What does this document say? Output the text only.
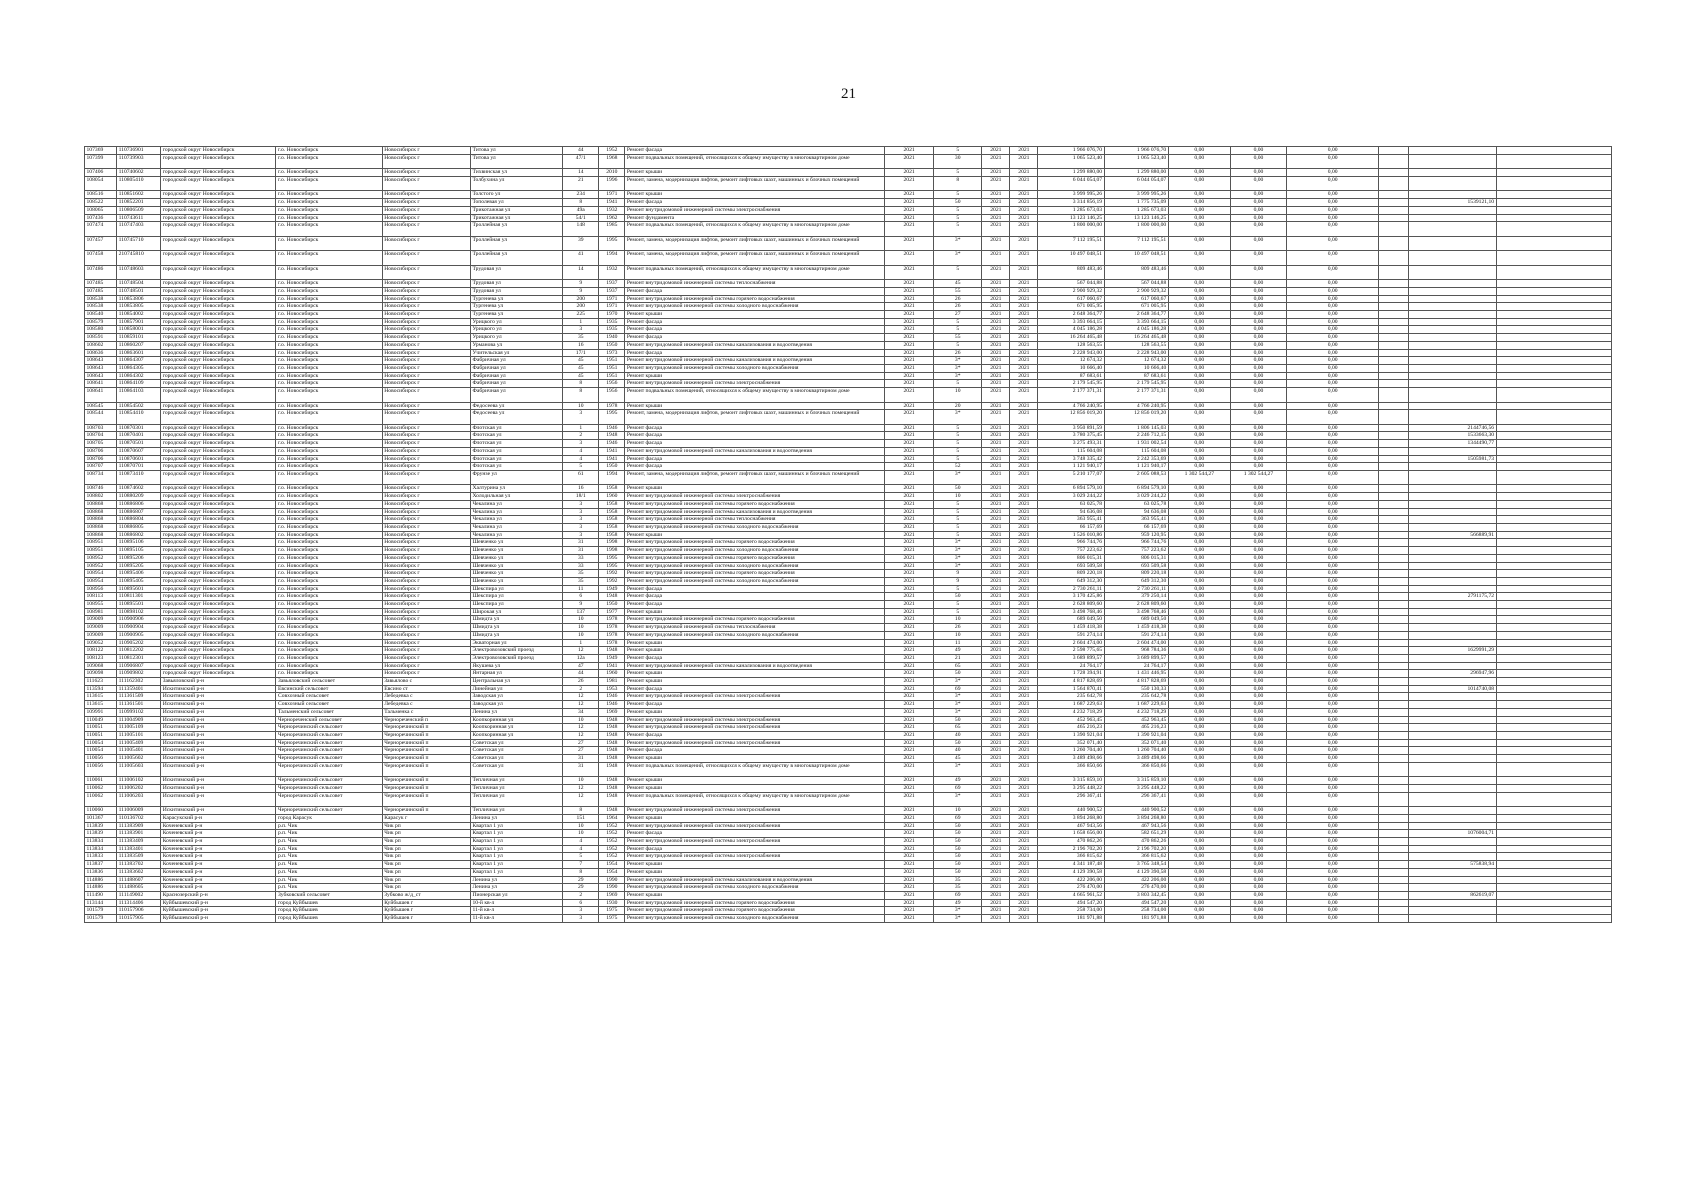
21
107369	110736901	городской округ Новосибирск	г.о. Новосибирск	Новосибирск г	Титова ул	44	1952	Ремонт фасада	2021	5	2021	2021	1 966 076,70	1 966 076,70	0,00	0,00	0,00			
107399	110739903	городской округ Новосибирск	г.о. Новосибирск	Новосибирск г	Титова ул	47/1	1968	Ремонт подвальных помещений, относящихся к общему имуществу в многоквартирном доме	2021	30	2021	2021	1 065 523,40	1 065 523,40	0,00	0,00	0,00			
107406	110740602	городской округ Новосибирск	г.о. Новосибирск	Новосибирск г	Тихвинская ул	14	2010	Ремонт крыши	2021	5	2021	2021	1 299 880,00	1 299 880,00	0,00	0,00	0,00			
108054	110805410	городской округ Новосибирск	г.о. Новосибирск	Новосибирск г	Толбухина ул	21	1996	Ремонт, замена, модернизация лифтов, ремонт лифтовых шахт, машинных и блочных помещений	2021	8	2021	2021	6 044 054,07	6 044 054,07	0,00	0,00	0,00			
108516	110851602	городской округ Новосибирск	г.о. Новосибирск	Новосибирск г	Толстого ул	234	1971	Ремонт крыши	2021	5	2021	2021	3 999 995,26	3 999 995,26	0,00	0,00	0,00			
108522	110852201	городской округ Новосибирск	г.о. Новосибирск	Новосибирск г	Тополевая ул	8	1941	Ремонт фасада	2021	50	2021	2021	3 314 856,19	1 775 735,09	0,00	0,00	0,00		1539121,10	
108065	110806509	городской округ Новосибирск	г.о. Новосибирск	Новосибирск г	Трикотажная ул	49а	1932	Ремонт внутридомовой инженерной системы электроснабжения	2021	5	2021	2021	1 285 673,03	1 285 673,03	0,00	0,00	0,00			
107436	110743611	городской округ Новосибирск	г.о. Новосибирск	Новосибирск г	Трикотажная ул	54/1	1962	Ремонт фундамента	2021	5	2021	2021	13 123 146,25	13 123 146,25	0,00	0,00	0,00			
107474	110747403	городской округ Новосибирск	г.о. Новосибирск	Новосибирск г	Троллейная ул	148	1985	Ремонт подвальных помещений, относящихся к общему имуществу в многоквартирном доме	2021	5	2021	2021	1 800 000,00	1 800 000,00	0,00	0,00	0,00			
107457	110745710	городской округ Новосибирск	г.о. Новосибирск	Новосибирск г	Троллейная ул	39	1995	Ремонт, замена, модернизация лифтов, ремонт лифтовых шахт, машинных и блочных помещений	2021	3*	2021	2021	7 112 195,51	7 112 195,51	0,00	0,00	0,00			
107458	210745810	городской округ Новосибирск	г.о. Новосибирск	Новосибирск г	Троллейная ул	41	1994	Ремонт, замена, модернизация лифтов, ремонт лифтовых шахт, машинных и блочных помещений	2021	3*	2021	2021	10 497 048,51	10 497 048,51	0,00	0,00	0,00			
107486	110748603	городской округ Новосибирск	г.о. Новосибирск	Новосибирск г	Трудовая ул	14	1932	Ремонт подвальных помещений, относящихся к общему имуществу в многоквартирном доме	2021	5	2021	2021	809 483,46	809 483,46	0,00	0,00	0,00			
107485	110748504	городской округ Новосибирск	г.о. Новосибирск	Новосибирск г	Трудовая ул	9	1937	Ремонт внутридомовой инженерной системы теплоснабжения	2021	45	2021	2021	567 044,88	567 044,88	0,00	0,00	0,00			
107485	110748501	городской округ Новосибирск	г.о. Новосибирск	Новосибирск г	Трудовая ул	9	1937	Ремонт фасада	2021	55	2021	2021	2 900 929,32	2 900 929,32	0,00	0,00	0,00			
108538	110853806	городской округ Новосибирск	г.о. Новосибирск	Новосибирск г	Тургенева ул	200	1971	Ремонт внутридомовой инженерной системы горячего водоснабжения	2021	26	2021	2021	617 060,67	617 060,67	0,00	0,00	0,00			
108538	110853805	городской округ Новосибирск	г.о. Новосибирск	Новосибирск г	Тургенева ул	200	1971	Ремонт внутридомовой инженерной системы холодного водоснабжения	2021	26	2021	2021	671 005,95	671 005,95	0,00	0,00	0,00			
108540	110854002	городской округ Новосибирск	г.о. Новосибирск	Новосибирск г	Тургенева ул	225	1970	Ремонт крыши	2021	27	2021	2021	2 648 364,77	2 648 364,77	0,00	0,00	0,00			
108579	110857901	городской округ Новосибирск	г.о. Новосибирск	Новосибирск г	Урицкого ул	1	1935	Ремонт фасада	2021	5	2021	2021	3 393 664,15	3 393 664,15	0,00	0,00	0,00			
108580	110858001	городской округ Новосибирск	г.о. Новосибирск	Новосибирск г	Урицкого ул	3	1935	Ремонт фасада	2021	5	2021	2021	4 045 186,28	4 045 186,28	0,00	0,00	0,00			
108591	110859101	городской округ Новосибирск	г.о. Новосибирск	Новосибирск г	Урицкого ул	35	1940	Ремонт фасада	2021	55	2021	2021	16 264 465,48	16 264 465,48	0,00	0,00	0,00			
108602	110860207	городской округ Новосибирск	г.о. Новосибирск	Новосибирск г	Урманова ул	16	1950	Ремонт внутридомовой инженерной системы канализования и водоотведения	2021	5	2021	2021	128 563,55	128 563,55	0,00	0,00	0,00			
108636	110863601	городской округ Новосибирск	г.о. Новосибирск	Новосибирск г	Учительская ул	17/1	1973	Ремонт фасада	2021	26	2021	2021	2 228 943,00	2 228 943,00	0,00	0,00	0,00			
108643	110864307	городской округ Новосибирск	г.о. Новосибирск	Новосибирск г	Фабричная ул	45	1951	Ремонт внутридомовой инженерной системы канализования и водоотведения	2021	3*	2021	2021	12 674,32	12 674,32	0,00	0,00	0,00			
108643	110864305	городской округ Новосибирск	г.о. Новосибирск	Новосибирск г	Фабричная ул	45	1951	Ремонт внутридомовой инженерной системы холодного водоснабжения	2021	3*	2021	2021	10 666,40	10 666,40	0,00	0,00	0,00			
108643	110864302	городской округ Новосибирск	г.о. Новосибирск	Новосибирск г	Фабричная ул	45	1951	Ремонт крыши	2021	3*	2021	2021	87 683,61	87 683,61	0,00	0,00	0,00			
108641	110864109	городской округ Новосибирск	г.о. Новосибирск	Новосибирск г	Фабричная ул	8	1956	Ремонт внутридомовой инженерной системы электроснабжения	2021	5	2021	2021	2 179 545,95	2 179 545,95	0,00	0,00	0,00			
108641	110864103	городской округ Новосибирск	г.о. Новосибирск	Новосибирск г	Фабричная ул	8	1956	Ремонт подвальных помещений, относящихся к общему имуществу в многоквартирном доме	2021	10	2021	2021	2 177 371,31	2 177 371,31	0,00	0,00	0,00			
108545	110854502	городской округ Новосибирск	г.о. Новосибирск	Новосибирск г	Федосеева ул	10	1978	Ремонт крыши	2021	20	2021	2021	4 766 240,95	4 766 240,95	0,00	0,00	0,00			
108544	110854410	городской округ Новосибирск	г.о. Новосибирск	Новосибирск г	Федосеева ул	3	1995	Ремонт, замена, модернизация лифтов, ремонт лифтовых шахт, машинных и блочных помещений	2021	3*	2021	2021	12 856 019,20	12 856 019,20	0,00	0,00	0,00			
108703	110870301	городской округ Новосибирск	г.о. Новосибирск	Новосибирск г	Флотская ул	1	1946	Ремонт фасада	2021	5	2021	2021	3 950 891,59	1 806 145,03	0,00	0,00	0,00		2144746,56	
108704	110870401	городской округ Новосибирск	г.о. Новосибирск	Новосибирск г	Флотская ул	2	1948	Ремонт фасада	2021	5	2021	2021	3 780 375,45	2 246 712,15	0,00	0,00	0,00		1533663,30	
108705	110870501	городской округ Новосибирск	г.о. Новосибирск	Новосибирск г	Флотская ул	3	1946	Ремонт фасада	2021	5	2021	2021	3 275 493,31	1 931 002,54	0,00	0,00	0,00		1344490,77	
108706	110870607	городской округ Новосибирск	г.о. Новосибирск	Новосибирск г	Флотская ул	4	1941	Ремонт внутридомовой инженерной системы канализования и водоотведения	2021	5	2021	2021	115 604,08	115 604,08	0,00	0,00	0,00			
108706	110870601	городской округ Новосибирск	г.о. Новосибирск	Новосибирск г	Флотская ул	4	1941	Ремонт фасада	2021	5	2021	2021	3 748 335,42	2 242 353,69	0,00	0,00	0,00		1505981,73	
108707	110870701	городской округ Новосибирск	г.о. Новосибирск	Новосибирск г	Флотская ул	5	1950	Ремонт фасада	2021	52	2021	2021	1 121 940,17	1 121 940,17	0,00	0,00	0,00			
108734	110873410	городской округ Новосибирск	г.о. Новосибирск	Новосибирск г	Фрунзе ул	61	1994	Ремонт, замена, модернизация лифтов, ремонт лифтовых шахт, машинных и блочных помещений	2021	3*	2021	2021	5 210 177,07	2 605 088,53	1 302 544,27	1 302 544,27	0,00			
108746	110874602	городской округ Новосибирск	г.о. Новосибирск	Новосибирск г	Халтурина ул	16	1958	Ремонт крыши	2021	50	2021	2021	6 894 579,10	6 894 579,10	0,00	0,00	0,00			
108802	110880209	городской округ Новосибирск	г.о. Новосибирск	Новосибирск г	Холодильная ул	18/1	1960	Ремонт внутридомовой инженерной системы электроснабжения	2021	10	2021	2021	3 029 244,22	3 029 244,22	0,00	0,00	0,00			
108868	110886806	городской округ Новосибирск	г.о. Новосибирск	Новосибирск г	Чекалина ул	3	1958	Ремонт внутридомовой инженерной системы горячего водоснабжения	2021	5	2021	2021	63 025,78	63 025,78	0,00	0,00	0,00			
108868	110886807	городской округ Новосибирск	г.о. Новосибирск	Новосибирск г	Чекалина ул	3	1958	Ремонт внутридомовой инженерной системы канализования и водоотведения	2021	5	2021	2021	94 636,08	94 636,08	0,00	0,00	0,00			
108868	110886804	городской округ Новосибирск	г.о. Новосибирск	Новосибирск г	Чекалина ул	3	1958	Ремонт внутридомовой инженерной системы теплоснабжения	2021	5	2021	2021	363 955,41	363 955,41	0,00	0,00	0,00			
108868	110886805	городской округ Новосибирск	г.о. Новосибирск	Новосибирск г	Чекалина ул	3	1958	Ремонт внутридомовой инженерной системы холодного водоснабжения	2021	5	2021	2021	66 157,69	66 157,69	0,00	0,00	0,00			
108868	110886802	городской округ Новосибирск	г.о. Новосибирск	Новосибирск г	Чекалина ул	3	1958	Ремонт крыши	2021	5	2021	2021	1 526 010,86	959 120,95	0,00	0,00	0,00		566889,91	
108951	110895106	городской округ Новосибирск	г.о. Новосибирск	Новосибирск г	Шевченко ул	31	1998	Ремонт внутридомовой инженерной системы горячего водоснабжения	2021	3*	2021	2021	966 744,76	966 744,76	0,00	0,00	0,00			
108951	110895105	городской округ Новосибирск	г.о. Новосибирск	Новосибирск г	Шевченко ул	31	1998	Ремонт внутридомовой инженерной системы холодного водоснабжения	2021	3*	2021	2021	757 223,62	757 223,62	0,00	0,00	0,00			
108952	110895206	городской округ Новосибирск	г.о. Новосибирск	Новосибирск г	Шевченко ул	33	1995	Ремонт внутридомовой инженерной системы горячего водоснабжения	2021	3*	2021	2021	806 015,31	806 015,31	0,00	0,00	0,00			
108952	110895205	городской округ Новосибирск	г.о. Новосибирск	Новосибирск г	Шевченко ул	33	1995	Ремонт внутридомовой инженерной системы холодного водоснабжения	2021	3*	2021	2021	693 509,58	693 509,58	0,00	0,00	0,00			
108954	110895406	городской округ Новосибирск	г.о. Новосибирск	Новосибирск г	Шевченко ул	35	1992	Ремонт внутридомовой инженерной системы горячего водоснабжения	2021	9	2021	2021	809 220,18	809 220,18	0,00	0,00	0,00			
108954	110895405	городской округ Новосибирск	г.о. Новосибирск	Новосибирск г	Шевченко ул	35	1992	Ремонт внутридомовой инженерной системы холодного водоснабжения	2021	9	2021	2021	649 312,30	649 312,30	0,00	0,00	0,00			
108956	110895601	городской округ Новосибирск	г.о. Новосибирск	Новосибирск г	Шекспира ул	11	1949	Ремонт фасада	2021	5	2021	2021	2 730 261,11	2 730 261,11	0,00	0,00	0,00			
108113	110811301	городской округ Новосибирск	г.о. Новосибирск	Новосибирск г	Шекспира ул	6	1948	Ремонт фасада	2021	50	2021	2021	3 170 425,86	379 250,14	0,00	0,00	0,00		2791175,72	
108955	110895501	городской округ Новосибирск	г.о. Новосибирск	Новосибирск г	Шекспира ул	9	1950	Ремонт фасада	2021	5	2021	2021	2 628 809,60	2 628 809,60	0,00	0,00	0,00			
108981	110898102	городской округ Новосибирск	г.о. Новосибирск	Новосибирск г	Широкая ул	137	1977	Ремонт крыши	2021	5	2021	2021	3 498 768,46	3 498 768,46	0,00	0,00	0,00			
109009	110900906	городской округ Новосибирск	г.о. Новосибирск	Новосибирск г	Шмидта ул	10	1978	Ремонт внутридомовой инженерной системы горячего водоснабжения	2021	10	2021	2021	689 049,50	689 049,50	0,00	0,00	0,00			
109009	110900904	городской округ Новосибирск	г.о. Новосибирск	Новосибирск г	Шмидта ул	10	1978	Ремонт внутридомовой инженерной системы теплоснабжения	2021	26	2021	2021	1 459 418,38	1 459 418,38	0,00	0,00	0,00			
109009	110900905	городской округ Новосибирск	г.о. Новосибирск	Новосибирск г	Шмидта ул	10	1978	Ремонт внутридомовой инженерной системы холодного водоснабжения	2021	10	2021	2021	591 274,14	591 274,14	0,00	0,00	0,00			
109052	110905202	городской округ Новосибирск	г.о. Новосибирск	Новосибирск г	Экваторная ул	1	1978	Ремонт крыши	2021	11	2021	2021	2 604 474,00	2 604 474,00	0,00	0,00	0,00			
108122	110812202	городской округ Новосибирск	г.о. Новосибирск	Новосибирск г	Электровозовский проезд	12	1948	Ремонт крыши	2021	49	2021	2021	2 598 775,65	968 784,36	0,00	0,00	0,00		1629991,29	
108123	110812301	городской округ Новосибирск	г.о. Новосибирск	Новосибирск г	Электровозовский проезд	12а	1949	Ремонт фасада	2021	21	2021	2021	3 689 899,57	3 689 899,57	0,00	0,00	0,00			
109068	110906807	городской округ Новосибирск	г.о. Новосибирск	Новосибирск г	Якушева ул	47	1941	Ремонт внутридомовой инженерной системы канализования и водоотведения	2021	65	2021	2021	24 764,17	24 764,17	0,00	0,00	0,00			
109098	110909802	городской округ Новосибирск	г.о. Новосибирск	Новосибирск г	Янтарная ул	44	1960	Ремонт крыши	2021	50	2021	2021	1 728 394,91	1 431 446,95	0,00	0,00	0,00		296947,96	
111623	111162302	Завьяловский р-н	Завьяловский сельсовет	Завьялово с	Центральная ул	26	1981	Ремонт крыши	2021	3*	2021	2021	4 817 828,69	4 817 828,69	0,00	0,00	0,00			
113594	111359401	Искитимский р-н	Евсинский сельсовет	Евсино ст	Линейная ул	2	1953	Ремонт фасада	2021	69	2021	2021	1 564 870,41	550 130,33	0,00	0,00	0,00		1014740,08	
113615	111361509	Искитимский р-н	Совхозный сельсовет	Лебедевка с	Заводская ул	12	1946	Ремонт внутридомовой инженерной системы электроснабжения	2021	3*	2021	2021	235 642,78	235 642,78	0,00	0,00	0,00			
113615	111361501	Искитимский р-н	Совхозный сельсовет	Лебедевка с	Заводская ул	12	1946	Ремонт фасада	2021	3*	2021	2021	1 687 229,63	1 687 229,63	0,00	0,00	0,00			
109991	110999102	Искитимский р-н	Тальменский сельсовет	Тальменка с	Ленина ул	34	1969	Ремонт крыши	2021	3*	2021	2021	4 232 718,29	4 232 718,29	0,00	0,00	0,00			
110049	111004909	Искитимский р-н	Чернореченский сельсовет	Чернореченский п	Коопкоринная ул	10	1948	Ремонт внутридомовой инженерной системы электроснабжения	2021	50	2021	2021	452 963,45	452 963,45	0,00	0,00	0,00			
110051	111005109	Искитимский р-н	Черноречинский сельсовет	Черноречинский п	Коопкоринная ул	12	1948	Ремонт внутридомовой инженерной системы электроснабжения	2021	65	2021	2021	465 216,23	465 216,23	0,00	0,00	0,00			
110051	111005101	Искитимский р-н	Черноречинский сельсовет	Черноречинский п	Коопкоринная ул	12	1948	Ремонт фасада	2021	40	2021	2021	1 390 921,04	1 390 921,04	0,00	0,00	0,00			
110054	111005409	Искитимский р-н	Черноречинский сельсовет	Черноречинский п	Советская ул	27	1948	Ремонт внутридомовой инженерной системы электроснабжения	2021	50	2021	2021	352 071,40	352 071,40	0,00	0,00	0,00			
110054	111005401	Искитимский р-н	Черноречинский сельсовет	Черноречинский п	Советская ул	27	1948	Ремонт фасада	2021	40	2021	2021	1 260 704,40	1 260 704,40	0,00	0,00	0,00			
110056	111005602	Искитимский р-н	Черноречинский сельсовет	Черноречинский п	Советская ул	31	1948	Ремонт крыши	2021	45	2021	2021	3 489 498,66	3 489 498,66	0,00	0,00	0,00			
110056	111005603	Искитимский р-н	Черноречинский сельсовет	Черноречинский п	Советская ул	31	1948	Ремонт подвальных помещений, относящихся к общему имуществу в многоквартирном доме	2021	3*	2021	2021	366 850,66	366 850,66	0,00	0,00	0,00			
110061	111006102	Искитимский р-н	Черноречинский сельсовет	Черноречинский п	Тепличная ул	10	1948	Ремонт крыши	2021	49	2021	2021	3 315 859,10	3 315 859,10	0,00	0,00	0,00			
110062	111006202	Искитимский р-н	Черноречинский сельсовет	Черноречинский п	Тепличная ул	12	1948	Ремонт крыши	2021	69	2021	2021	3 295 448,22	3 295 448,22	0,00	0,00	0,00			
110062	111006203	Искитимский р-н	Черноречинский сельсовет	Черноречинский п	Тепличная ул	12	1948	Ремонт подвальных помещений, относящихся к общему имуществу в многоквартирном доме	2021	3*	2021	2021	296 367,41	296 367,41	0,00	0,00	0,00			
110060	111006009	Искитимский р-н	Черноречинский сельсовет	Черноречинский п	Тепличная ул	8	1948	Ремонт внутридомовой инженерной системы электроснабжения	2021	10	2021	2021	440 900,52	440 900,52	0,00	0,00	0,00			
101367	110136702	Карасукский р-н	город Карасук	Карасук г	Ленина ул	151	1964	Ремонт крыши	2021	69	2021	2021	3 894 268,80	3 894 268,80	0,00	0,00	0,00			
113839	111383909	Коченевский р-н	р.п. Чик	Чик рп	Квартал 1 ул	10	1952	Ремонт внутридомовой инженерной системы электроснабжения	2021	50	2021	2021	467 943,56	467 943,56	0,00	0,00	0,00			
113839	111383901	Коченевский р-н	р.п. Чик	Чик рп	Квартал 1 ул	10	1952	Ремонт фасада	2021	50	2021	2021	1 658 656,00	582 651,29	0,00	0,00	0,00		1076004,71	
113834	111383409	Коченевский р-н	р.п. Чик	Чик рп	Квартал 1 ул	4	1952	Ремонт внутридомовой инженерной системы электроснабжения	2021	50	2021	2021	470 862,26	470 862,26	0,00	0,00	0,00			
113834	111383401	Коченевский р-н	р.п. Чик	Чик рп	Квартал 1 ул	4	1952	Ремонт фасада	2021	50	2021	2021	2 196 702,20	2 196 702,20	0,00	0,00	0,00			
113833	111383509	Коченевский р-н	р.п. Чик	Чик рп	Квартал 1 ул	5	1952	Ремонт внутридомовой инженерной системы электроснабжения	2021	50	2021	2021	366 815,62	366 815,62	0,00	0,00	0,00			
113837	111383702	Коченевский р-н	р.п. Чик	Чик рп	Квартал 1 ул	7	1954	Ремонт крыши	2021	50	2021	2021	4 341 187,48	3 765 348,54	0,00	0,00	0,00		575838,94	
113836	111383602	Коченевский р-н	р.п. Чик	Чик рп	Квартал 1 ул	8	1954	Ремонт крыши	2021	50	2021	2021	4 129 390,58	4 129 390,58	0,00	0,00	0,00			
114886	111488607	Коченевский р-н	р.п. Чик	Чик рп	Ленина ул	29	1990	Ремонт внутридомовой инженерной системы канализования и водоотведения	2021	35	2021	2021	422 206,00	422 206,00	0,00	0,00	0,00			
114886	111488605	Коченевский р-н	р.п. Чик	Чик рп	Ленина ул	29	1990	Ремонт внутридомовой инженерной системы холодного водоснабжения	2021	35	2021	2021	276 470,00	276 470,00	0,00	0,00	0,00			
111490	111149002	Краснозерский р-н	Зубковский сельсовет	Зубково ж/д_ст	Пионерская ул	2	1969	Ремонт крыши	2021	69	2021	2021	4 665 961,52	3 803 342,45	0,00	0,00	0,00		862619,07	
113144	111314406	Куйбышевский р-н	город Куйбышев	Куйбышев г	10-й кв-л	6	1930	Ремонт внутридомовой инженерной системы горячего водоснабжения	2021	49	2021	2021	494 547,20	494 547,20	0,00	0,00	0,00			
101579	110157906	Куйбышевский р-н	город Куйбышев	Куйбышев г	11-й кв-л	3	1975	Ремонт внутридомовой инженерной системы горячего водоснабжения	2021	3*	2021	2021	258 734,00	258 734,00	0,00	0,00	0,00			
101579	110157905	Куйбышевский р-н	город Куйбышев	Куйбышев г	11-й кв-л	3	1975	Ремонт внутридомовой инженерной системы холодного водоснабжения	2021	3*	2021	2021	181 971,88	181 971,88	0,00	0,00	0,00			
